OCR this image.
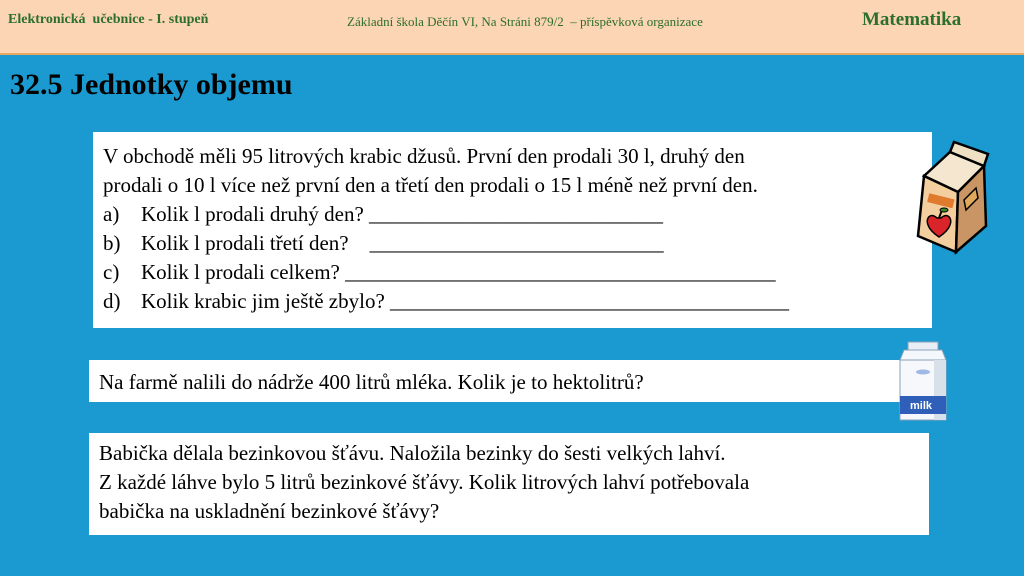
Elektronická  učebnice - I. stupeň	Základní škola Děčín VI, Na Stráni 879/2  – příspěvková organizace	Matematika
32.5 Jednotky objemu
V obchodě měli 95 litrových krabic džusů. První den prodali 30 l, druhý den
prodali o 10 l více než první den a třetí den prodali o 15 l méně než první den.
a)	Kolik l prodali druhý den? ____________________________
b) Kolik l prodali třetí den?    ____________________________
c)	Kolik l prodali celkem? _________________________________________
d) Kolik krabic jim ještě zbylo? ______________________________________
Na farmě nalili do nádrže 400 litrů mléka. Kolik je to hektolitrů?
milk
Babička dělala bezinkovou šťávu. Naložila bezinky do šesti velkých lahví.
Z každé láhve bylo 5 litrů bezinkové šťávy. Kolik litrových lahví potřebovala
babička na uskladnění bezinkové šťávy?
